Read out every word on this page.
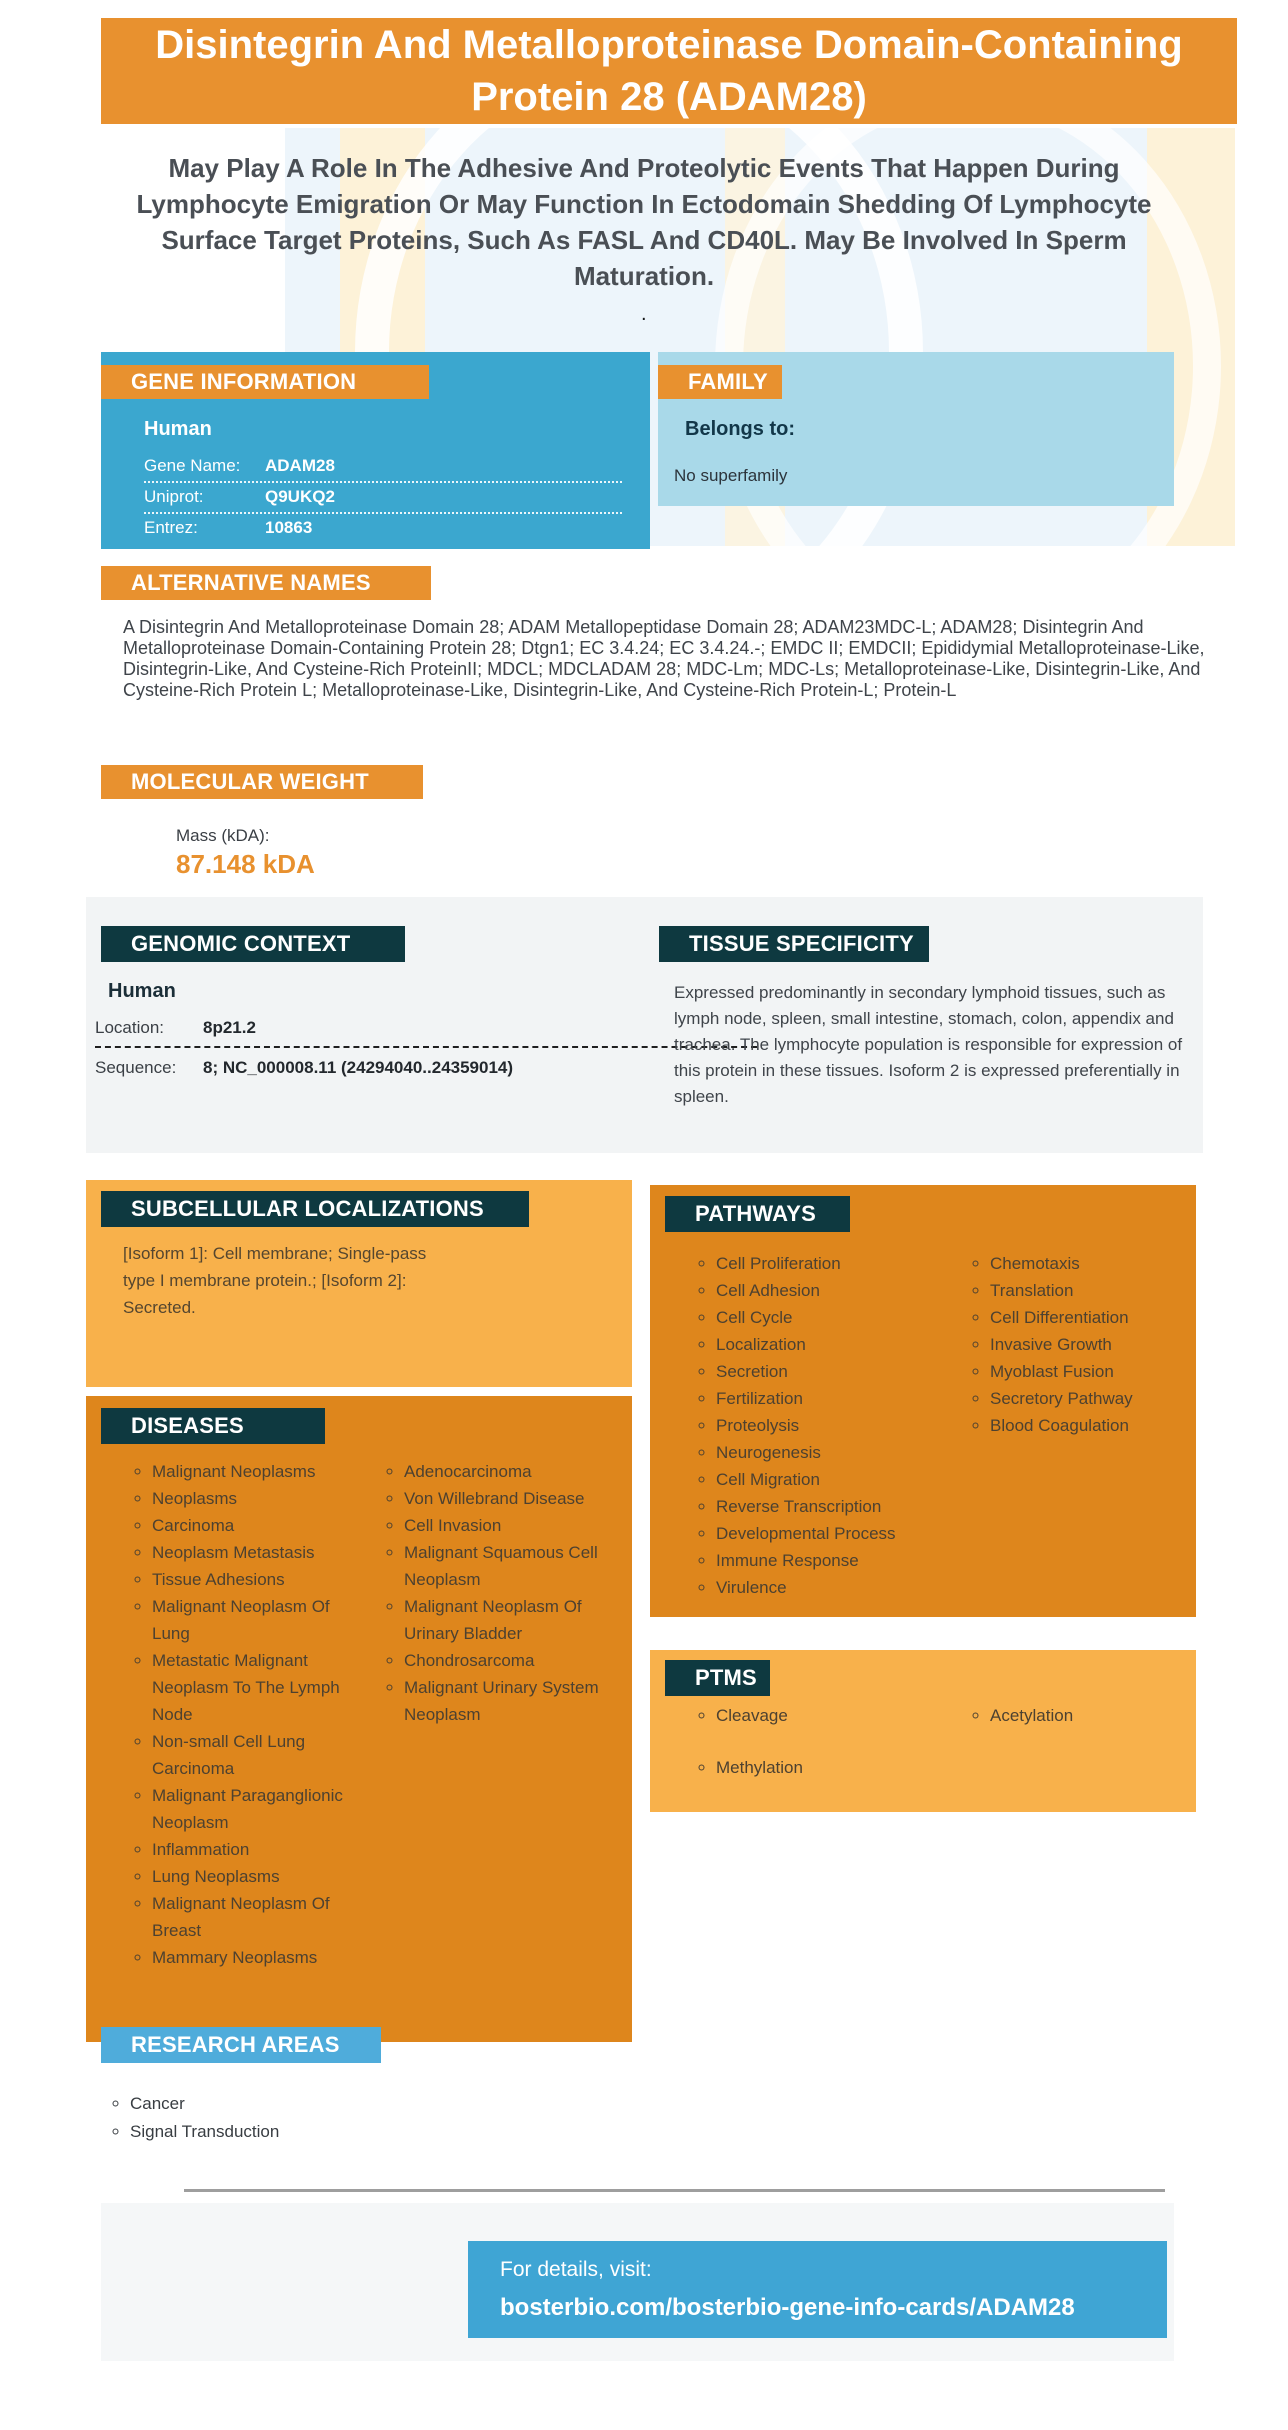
Disintegrin And Metalloproteinase Domain-Containing Protein 28 (ADAM28)
May Play A Role In The Adhesive And Proteolytic Events That Happen During Lymphocyte Emigration Or May Function In Ectodomain Shedding Of Lymphocyte Surface Target Proteins, Such As FASL And CD40L. May Be Involved In Sperm Maturation.
.
GENE INFORMATION
Human
Gene Name:	ADAM28
Uniprot:	Q9UKQ2
Entrez:	10863
FAMILY
Belongs to:
No superfamily
ALTERNATIVE NAMES
A Disintegrin And Metalloproteinase Domain 28; ADAM Metallopeptidase Domain 28; ADAM23MDC-L; ADAM28; Disintegrin And Metalloproteinase Domain-Containing Protein 28; Dtgn1; EC 3.4.24; EC 3.4.24.-; EMDC II; EMDCII; Epididymial Metalloproteinase-Like, Disintegrin-Like, And Cysteine-Rich ProteinII; MDCL; MDCLADAM 28; MDC-Lm; MDC-Ls; Metalloproteinase-Like, Disintegrin-Like, And Cysteine-Rich Protein L; Metalloproteinase-Like, Disintegrin-Like, And Cysteine-Rich Protein-L; Protein-L
MOLECULAR WEIGHT
Mass (kDA):
87.148 kDA
GENOMIC CONTEXT
Human
Location:	8p21.2
Sequence:	8; NC_000008.11 (24294040..24359014)
TISSUE SPECIFICITY
Expressed predominantly in secondary lymphoid tissues, such as lymph node, spleen, small intestine, stomach, colon, appendix and trachea. The lymphocyte population is responsible for expression of this protein in these tissues. Isoform 2 is expressed preferentially in spleen.
SUBCELLULAR LOCALIZATIONS
[Isoform 1]: Cell membrane; Single-pass type I membrane protein.; [Isoform 2]: Secreted.
DISEASES
◦ Malignant Neoplasms
◦ Neoplasms
◦ Carcinoma
◦ Neoplasm Metastasis
◦ Tissue Adhesions
◦ Malignant Neoplasm Of Lung
◦ Metastatic Malignant Neoplasm To The Lymph Node
◦ Non-small Cell Lung Carcinoma
◦ Malignant Paraganglionic Neoplasm
◦ Inflammation
◦ Lung Neoplasms
◦ Malignant Neoplasm Of Breast
◦ Mammary Neoplasms
◦ Adenocarcinoma
◦ Von Willebrand Disease
◦ Cell Invasion
◦ Malignant Squamous Cell Neoplasm
◦ Malignant Neoplasm Of Urinary Bladder
◦ Chondrosarcoma
◦ Malignant Urinary System Neoplasm
PATHWAYS
◦ Cell Proliferation
◦ Cell Adhesion
◦ Cell Cycle
◦ Localization
◦ Secretion
◦ Fertilization
◦ Proteolysis
◦ Neurogenesis
◦ Cell Migration
◦ Reverse Transcription
◦ Developmental Process
◦ Immune Response
◦ Virulence
◦ Chemotaxis
◦ Translation
◦ Cell Differentiation
◦ Invasive Growth
◦ Myoblast Fusion
◦ Secretory Pathway
◦ Blood Coagulation
PTMS
◦ Cleavage
◦ Methylation
◦ Acetylation
RESEARCH AREAS
◦ Cancer
◦ Signal Transduction
For details, visit:
bosterbio.com/bosterbio-gene-info-cards/ADAM28
